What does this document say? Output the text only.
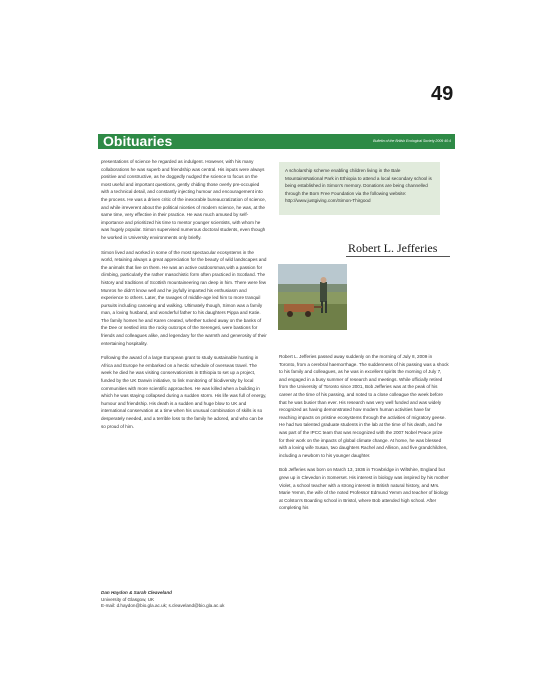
49
Obituaries	Bulletin of the British Ecological Society 2009 40:4

presentations of science he regarded as indulgent. However, with his many collaborations he was superb and friendship was central. His inputs were always positive and constructive, as he doggedly nudged the science to focus on the most useful and important questions, gently chiding those overly pre-occupied with a technical detail, and constantly injecting humour and encouragement into the process. He was a driven critic of the inexorable bureaucratization of science, and while irreverent about the political niceties of modern science, he was, at the same time, very effective in their practice. He was much amused by self-importance and prioritized his time to mentor younger scientists, with whom he was hugely popular. Simon supervised numerous doctoral students, even though he worked in University environments only briefly.

Simon lived and worked in some of the most spectacular ecosystems in the world, retaining always a great appreciation for the beauty of wild landscapes and the animals that live on them. He was an active outdoorsman,with a passion for climbing, particularly the rather masochistic form often practiced in Scotland. The history and traditions of Scottish mountaineering ran deep in him. There were few Munros he didn't know well and he joyfully imparted his enthusiasm and experience to others. Later, the ravages of middle-age led him to more tranquil pursuits including canoeing and walking. Ultimately though, Simon was a family man, a loving husband, and wonderful father to his daughters Pippa and Katie. The family homes he and Karen created, whether tucked away on the banks of the Dee or nestled into the rocky outcrops of the Serengeti, were bastions for friends and colleagues alike, and legendary for the warmth and generosity of their entertaining hospitality.

Following the award of a large European grant to study sustainable hunting in Africa and Europe he embarked on a hectic schedule of overseas travel. The week he died he was visiting conservationists in Ethiopia to set up a project, funded by the UK Darwin initiative, to link monitoring of biodiversity by local communities with more scientific approaches. He was killed when a building in which he was staying collapsed during a sudden storm. His life was full of energy, humour and friendship. His death is a sudden and huge blow to UK and international conservation at a time when his unusual combination of skills is so desperately needed, and a terrible loss to the family he adored, and who can be so proud of him.

Dan Haydon & Sarah Cleaveland
University of Glasgow, UK
E-mail: d.haydon@bio.gla.ac.uk; s.cleaveland@bio.gla.ac.uk

A scholarship scheme enabling children living in the Bale MountainsNational Park in Ethiopia to attend a local secondary school is being established in Simon's memory. Donations are being channelled through the Born Free Foundation via the following website: http://www.justgiving.com/Simon-Thirgood

Robert L. Jefferies

Robert L. Jefferies passed away suddenly on the morning of July 8, 2009 in Toronto, from a cerebral haemorrhage. The suddenness of his passing was a shock to his family and colleagues, as he was in excellent spirits the morning of July 7, and engaged in a busy summer of research and meetings. While officially retired from the University of Toronto since 2001, Bob Jefferies was at the peak of his career at the time of his passing, and noted to a close colleague the week before that he was busier than ever. His research was very well funded and was widely recognized as having demonstrated how modern human activities have far reaching impacts on pristine ecosystems through the activities of migratory geese. He had two talented graduate students in the lab at the time of his death, and he was part of the IPCC team that was recognized with the 2007 Nobel Peace prize for their work on the impacts of global climate change. At home, he was blessed with a loving wife Susan, two daughters Rachel and Allison, and five grandchildren, including a newborn to his younger daughter.

Bob Jefferies was born on March 13, 1936 in Trowbridge in Wiltshire, England but grew up in Clevedon in Somerset. His interest in biology was inspired by his mother Violet, a school teacher with a strong interest in British natural history, and Mrs. Marie Yemm, the wife of the noted Professor Edmund Yemm and teacher of biology at Colston's Boarding school in Bristol, where Bob attended high school. After completing his
